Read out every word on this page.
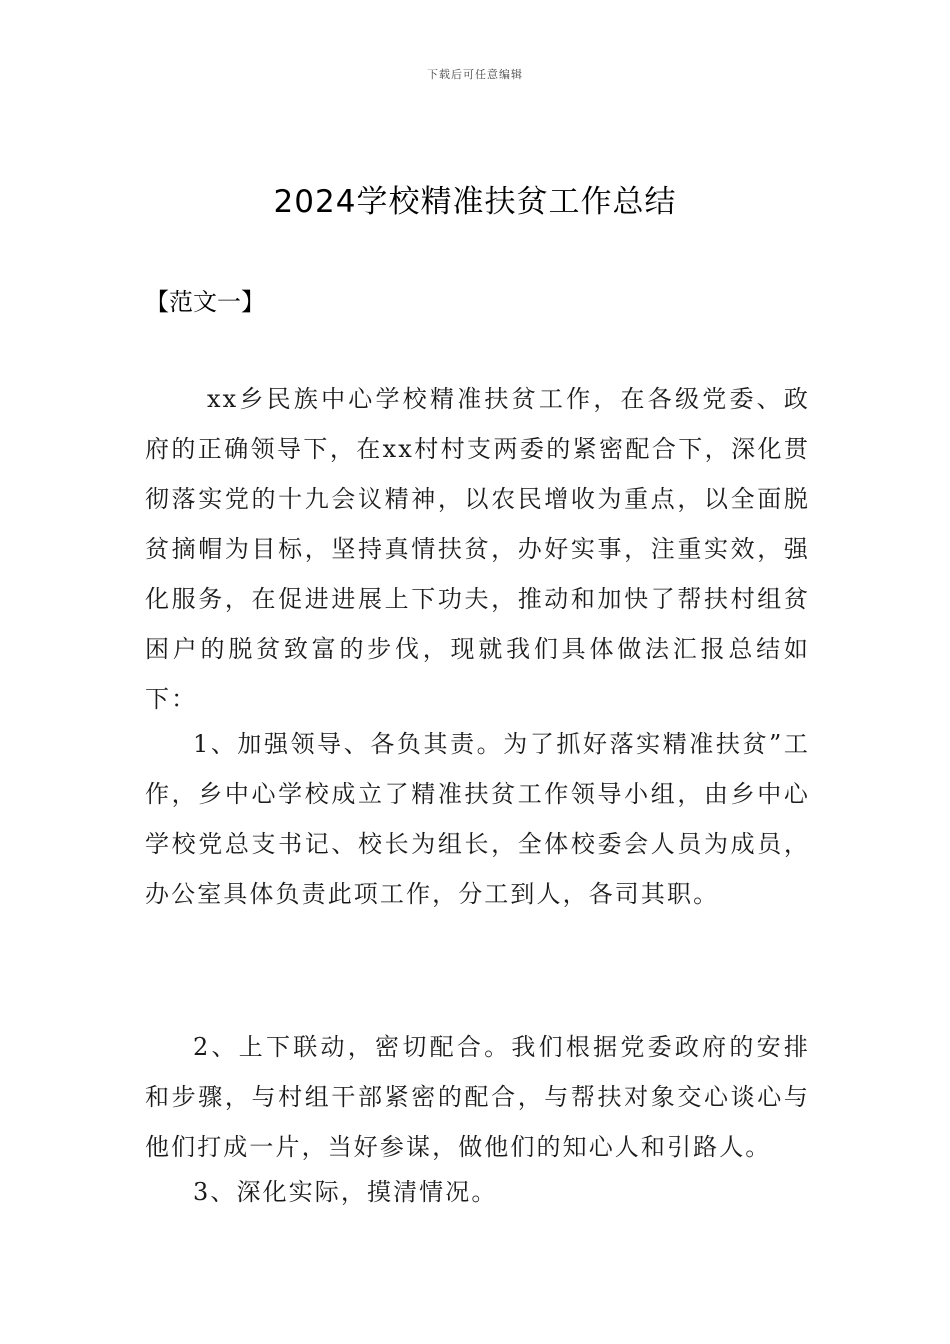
下载后可任意编辑
2024学校精准扶贫工作总结
【范文一】

xx乡民族中心学校精准扶贫工作，在各级党委、政府的正确领导下，在xx村村支两委的紧密配合下，深化贯彻落实党的十九会议精神，以农民增收为重点，以全面脱贫摘帽为目标，坚持真情扶贫，办好实事，注重实效，强化服务，在促进进展上下功夫，推动和加快了帮扶村组贫困户的脱贫致富的步伐，现就我们具体做法汇报总结如下：

1、加强领导、各负其责。为了抓好落实精准扶贫”工作，乡中心学校成立了精准扶贫工作领导小组，由乡中心学校党总支书记、校长为组长，全体校委会人员为成员，办公室具体负责此项工作，分工到人，各司其职。

2、上下联动，密切配合。我们根据党委政府的安排和步骤，与村组干部紧密的配合，与帮扶对象交心谈心与他们打成一片，当好参谋，做他们的知心人和引路人。

3、深化实际，摸清情况。
